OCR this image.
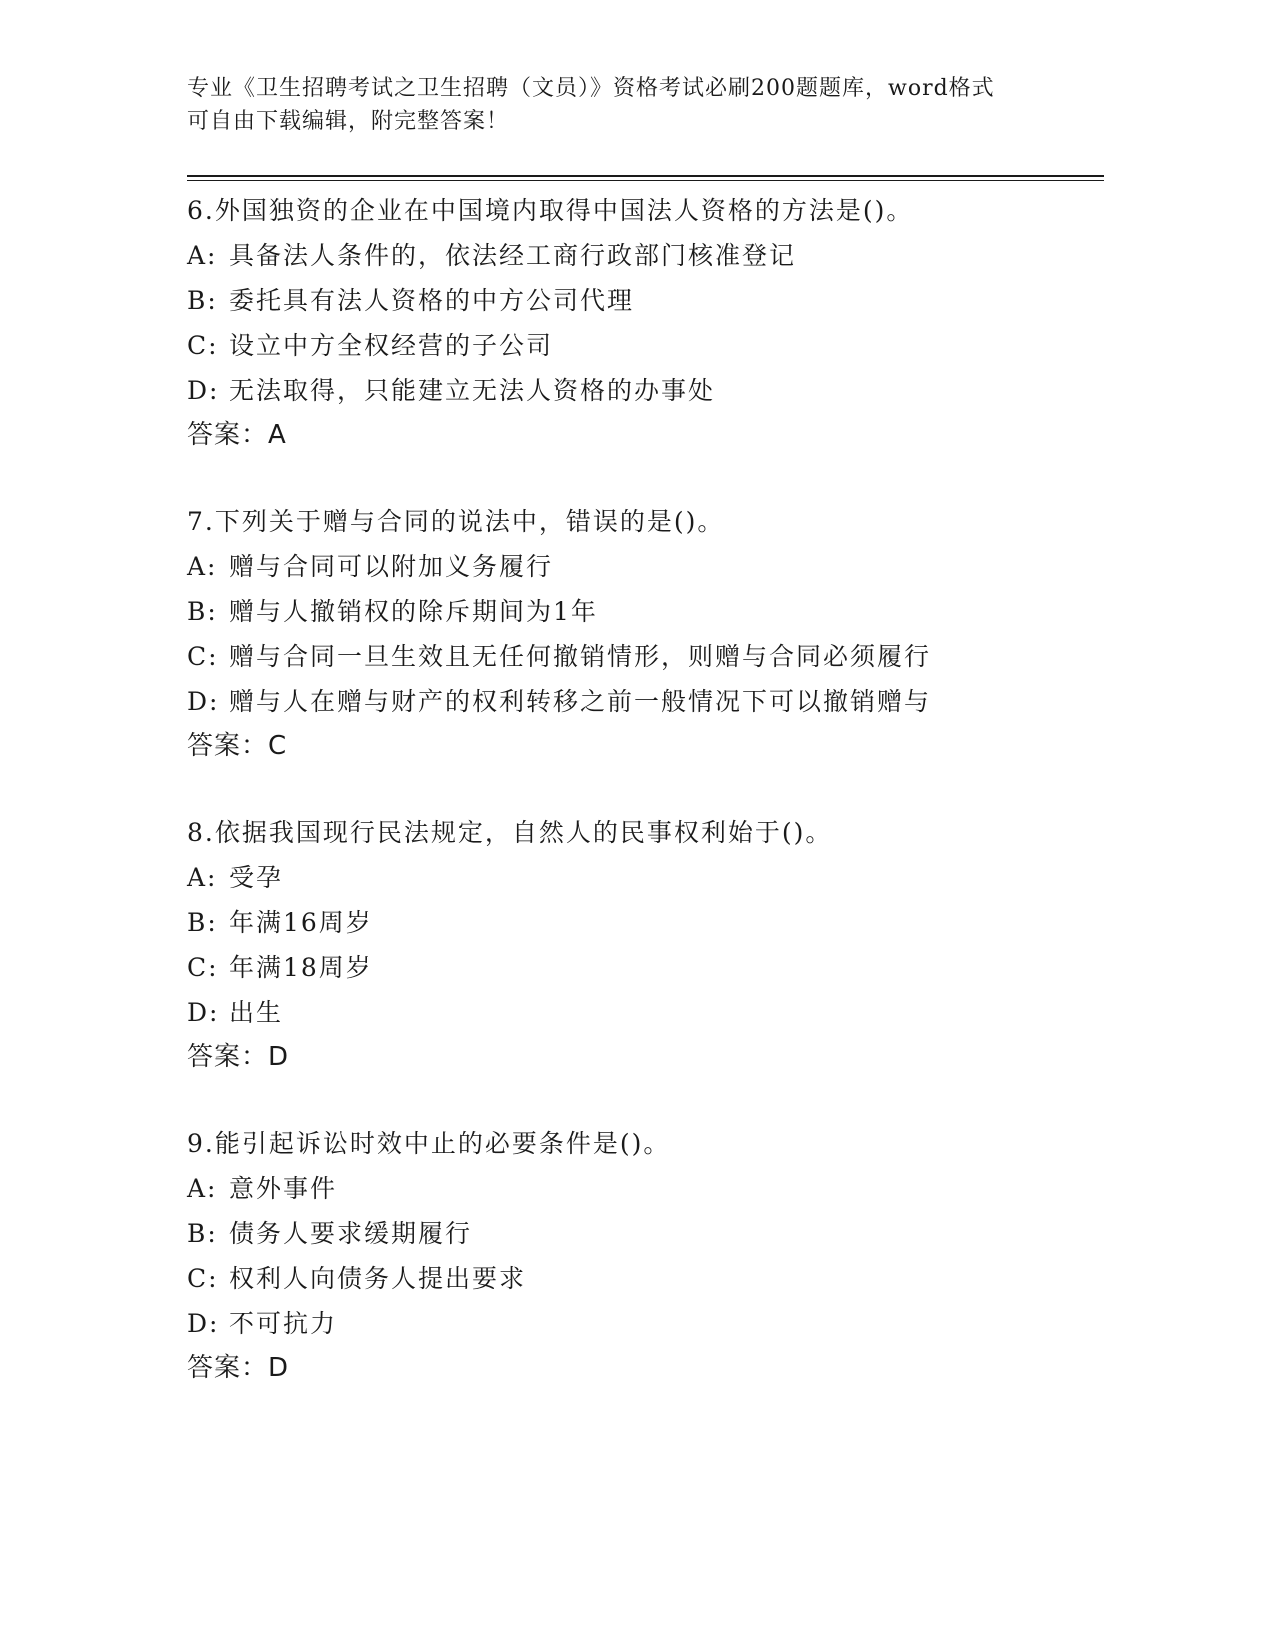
专业《卫生招聘考试之卫生招聘（文员）》资格考试必刷200题题库，word格式
可自由下载编辑，附完整答案！
6.外国独资的企业在中国境内取得中国法人资格的方法是()。
A: 具备法人条件的，依法经工商行政部门核准登记
B: 委托具有法人资格的中方公司代理
C: 设立中方全权经营的子公司
D: 无法取得，只能建立无法人资格的办事处
答案：A
7.下列关于赠与合同的说法中，错误的是()。
A: 赠与合同可以附加义务履行
B: 赠与人撤销权的除斥期间为1年
C: 赠与合同一旦生效且无任何撤销情形，则赠与合同必须履行
D: 赠与人在赠与财产的权利转移之前一般情况下可以撤销赠与
答案：C
8.依据我国现行民法规定，自然人的民事权利始于()。
A: 受孕
B: 年满16周岁
C: 年满18周岁
D: 出生
答案：D
9.能引起诉讼时效中止的必要条件是()。
A: 意外事件
B: 债务人要求缓期履行
C: 权利人向债务人提出要求
D: 不可抗力
答案：D
